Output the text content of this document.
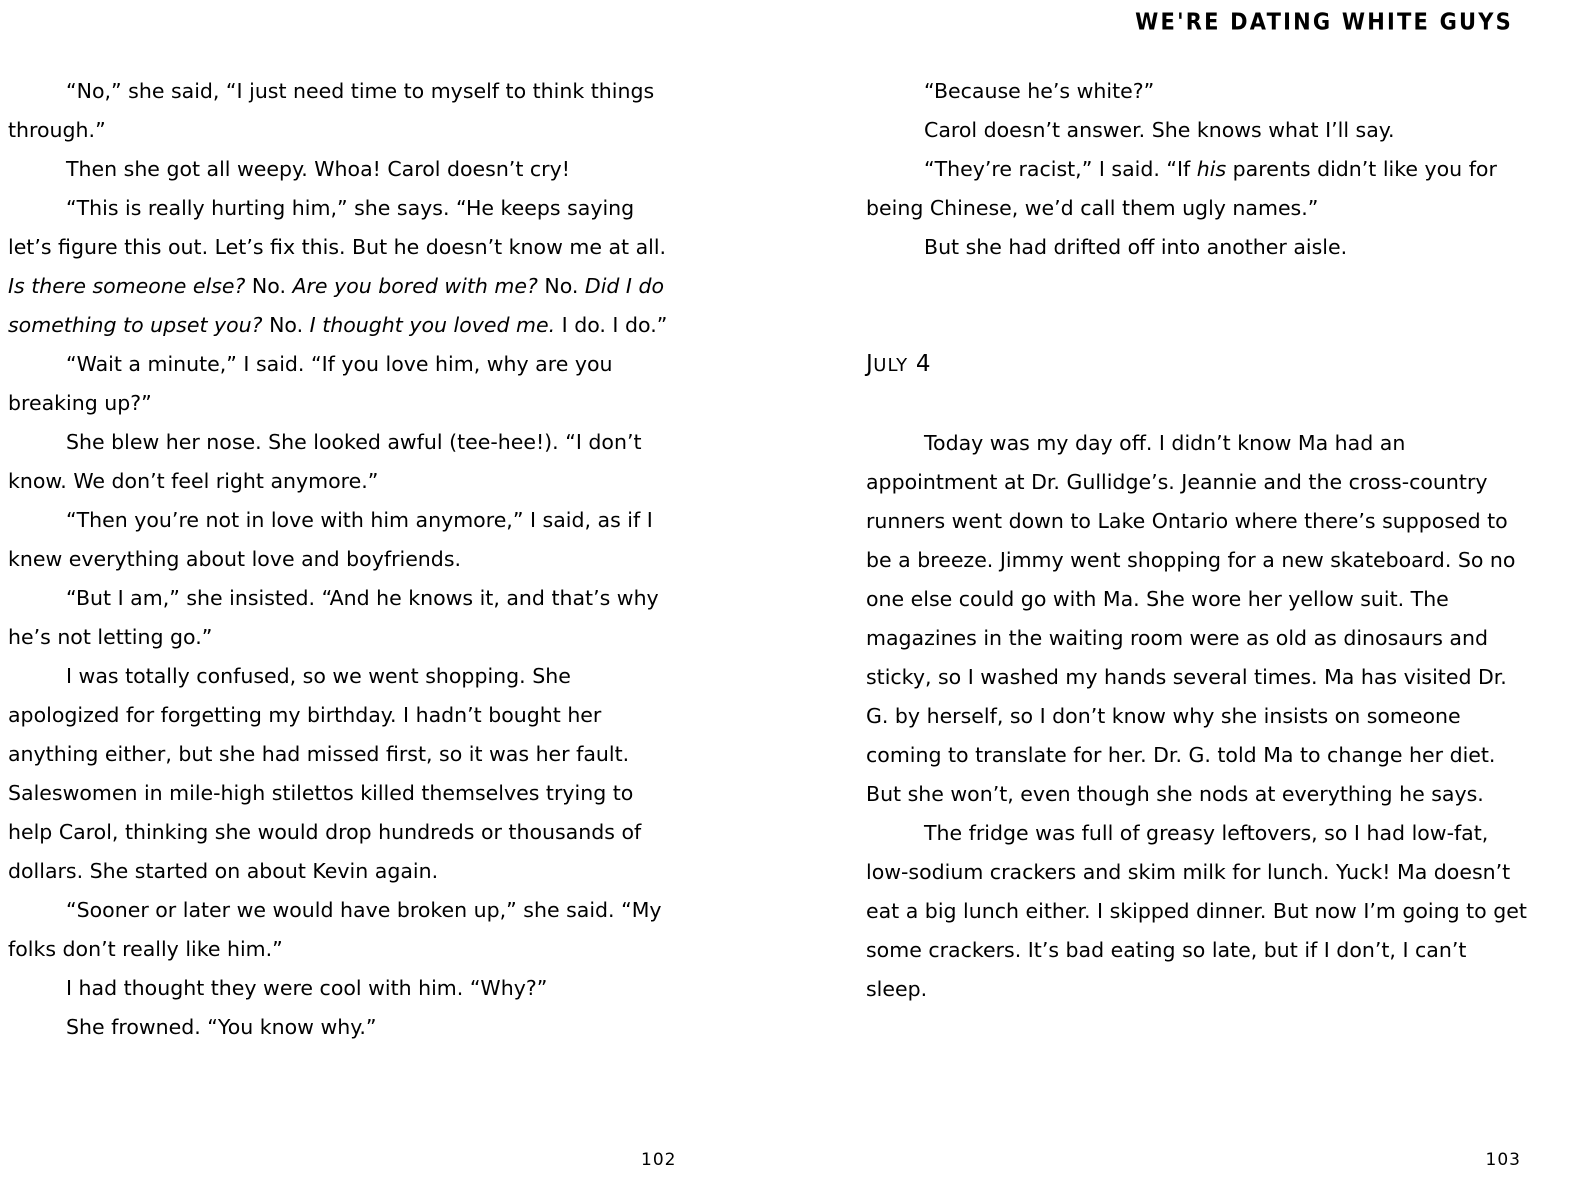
WE'RE DATING WHITE GUYS

“No,” she said, “I just need time to myself to think things through.”

Then she got all weepy. Whoa! Carol doesn’t cry!

“This is really hurting him,” she says. “He keeps saying let’s figure this out. Let’s fix this. But he doesn’t know me at all. Is there someone else? No. Are you bored with me? No. Did I do something to upset you? No. I thought you loved me. I do. I do.”

“Wait a minute,” I said. “If you love him, why are you breaking up?”

She blew her nose. She looked awful (tee-hee!). “I don’t know. We don’t feel right anymore.”

“Then you’re not in love with him anymore,” I said, as if I knew everything about love and boyfriends.

“But I am,” she insisted. “And he knows it, and that’s why he’s not letting go.”

I was totally confused, so we went shopping. She apologized for forgetting my birthday. I hadn’t bought her anything either, but she had missed first, so it was her fault. Saleswomen in mile-high stilettos killed themselves trying to help Carol, thinking she would drop hundreds or thousands of dollars. She started on about Kevin again.

“Sooner or later we would have broken up,” she said. “My folks don’t really like him.”

I had thought they were cool with him. “Why?”

She frowned. “You know why.”

“Because he’s white?”

Carol doesn’t answer. She knows what I’ll say.

“They’re racist,” I said. “If his parents didn’t like you for being Chinese, we’d call them ugly names.”

But she had drifted off into another aisle.

JULY 4

Today was my day off. I didn’t know Ma had an appointment at Dr. Gullidge’s. Jeannie and the cross-country runners went down to Lake Ontario where there’s supposed to be a breeze. Jimmy went shopping for a new skateboard. So no one else could go with Ma. She wore her yellow suit. The magazines in the waiting room were as old as dinosaurs and sticky, so I washed my hands several times. Ma has visited Dr. G. by herself, so I don’t know why she insists on someone coming to translate for her. Dr. G. told Ma to change her diet. But she won’t, even though she nods at everything he says.

The fridge was full of greasy leftovers, so I had low-fat, low-sodium crackers and skim milk for lunch. Yuck! Ma doesn’t eat a big lunch either. I skipped dinner. But now I’m going to get some crackers. It’s bad eating so late, but if I don’t, I can’t sleep.

102	103
